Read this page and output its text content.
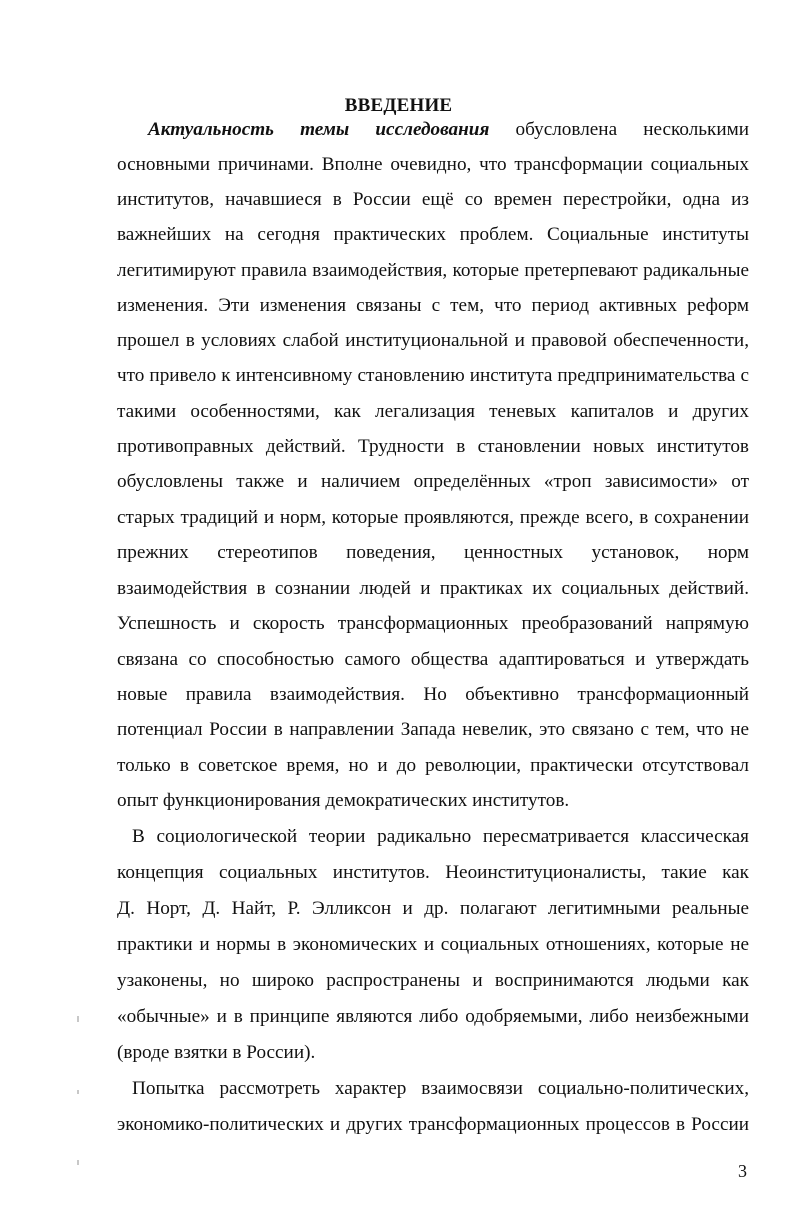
ВВЕДЕНИЕ
Актуальность темы исследования обусловлена несколькими
основными причинами. Вполне очевидно, что трансформации социальных
институтов, начавшиеся в России ещё со времен перестройки, одна из
важнейших на сегодня практических проблем. Социальные институты
легитимируют правила взаимодействия, которые претерпевают радикальные
изменения. Эти изменения связаны с тем, что период активных реформ
прошел в условиях слабой институциональной и правовой обеспеченности,
что привело к интенсивному становлению института предпринимательства с
такими особенностями, как легализация теневых капиталов и других
противоправных действий. Трудности в становлении новых институтов
обусловлены также и наличием определённых «троп зависимости» от
старых традиций и норм, которые проявляются, прежде всего, в сохранении
прежних стереотипов поведения, ценностных установок, норм
взаимодействия в сознании людей и практиках их социальных действий.
Успешность и скорость трансформационных преобразований напрямую
связана со способностью самого общества адаптироваться и утверждать
новые правила взаимодействия. Но объективно трансформационный
потенциал России в направлении Запада невелик, это связано с тем, что не
только в советское время, но и до революции, практически отсутствовал
опыт функционирования демократических институтов.
В социологической теории радикально пересматривается классическая
концепция социальных институтов. Неоинституционалисты, такие как
Д. Норт, Д. Найт, Р. Элликсон и др. полагают легитимными реальные
практики и нормы в экономических и социальных отношениях, которые не
узаконены, но широко распространены и воспринимаются людьми как
«обычные» и в принципе являются либо одобряемыми, либо неизбежными
(вроде взятки в России).
Попытка рассмотреть характер взаимосвязи социально-политических,
экономико-политических и других трансформационных процессов в России
3
